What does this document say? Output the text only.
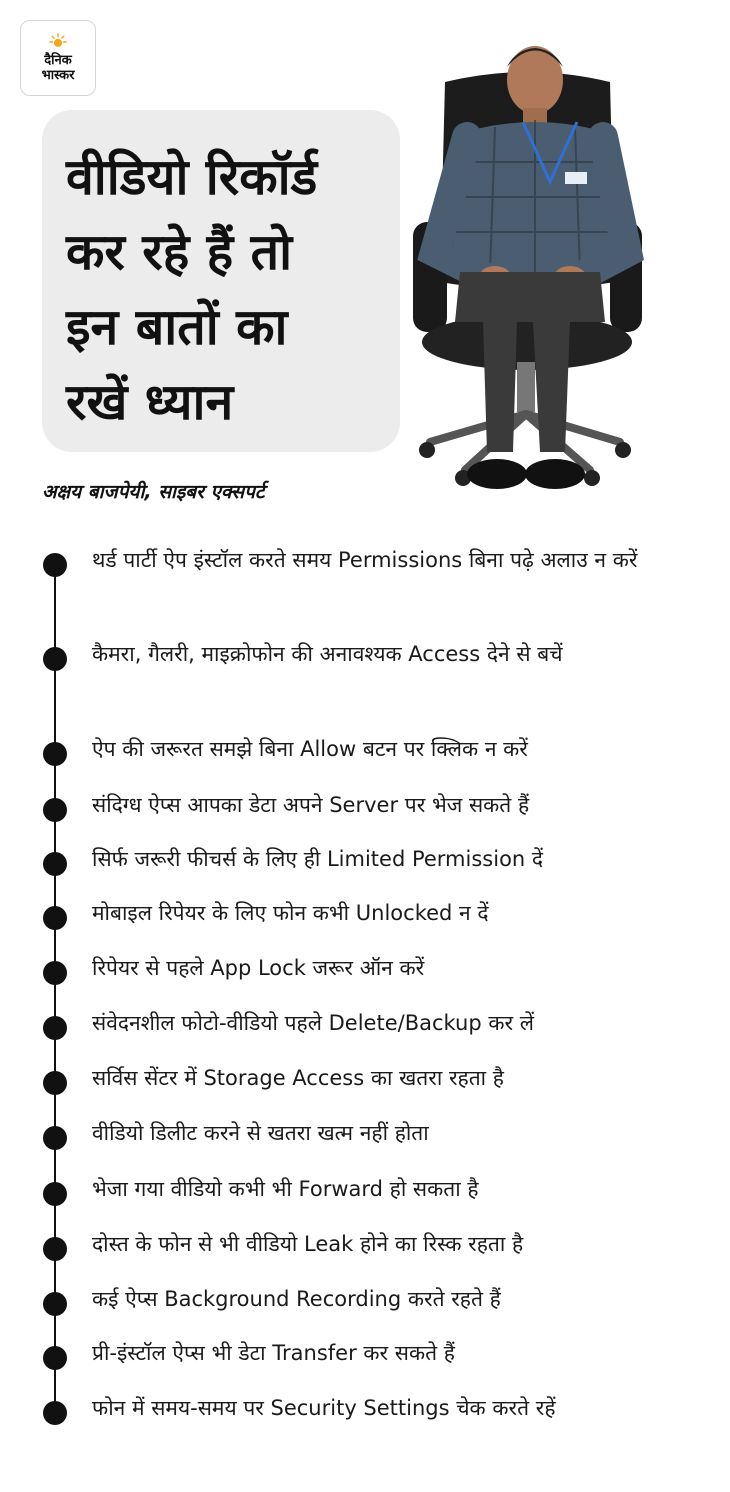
दैनिक
भास्कर
वीडियो रिकॉर्ड
कर रहे हैं तो
इन बातों का
रखें ध्यान
अक्षय बाजपेयी, साइबर एक्सपर्ट
थर्ड पार्टी ऐप इंस्टॉल करते समय Permissions बिना पढ़े अलाउ न करें
कैमरा, गैलरी, माइक्रोफोन की अनावश्यक Access देने से बचें
ऐप की जरूरत समझे बिना Allow बटन पर क्लिक न करें
संदिग्ध ऐप्स आपका डेटा अपने Server पर भेज सकते हैं
सिर्फ जरूरी फीचर्स के लिए ही Limited Permission दें
मोबाइल रिपेयर के लिए फोन कभी Unlocked न दें
रिपेयर से पहले App Lock जरूर ऑन करें
संवेदनशील फोटो-वीडियो पहले Delete/Backup कर लें
सर्विस सेंटर में Storage Access का खतरा रहता है
वीडियो डिलीट करने से खतरा खत्म नहीं होता
भेजा गया वीडियो कभी भी Forward हो सकता है
दोस्त के फोन से भी वीडियो Leak होने का रिस्क रहता है
कई ऐप्स Background Recording करते रहते हैं
प्री-इंस्टॉल ऐप्स भी डेटा Transfer कर सकते हैं
फोन में समय-समय पर Security Settings चेक करते रहें
